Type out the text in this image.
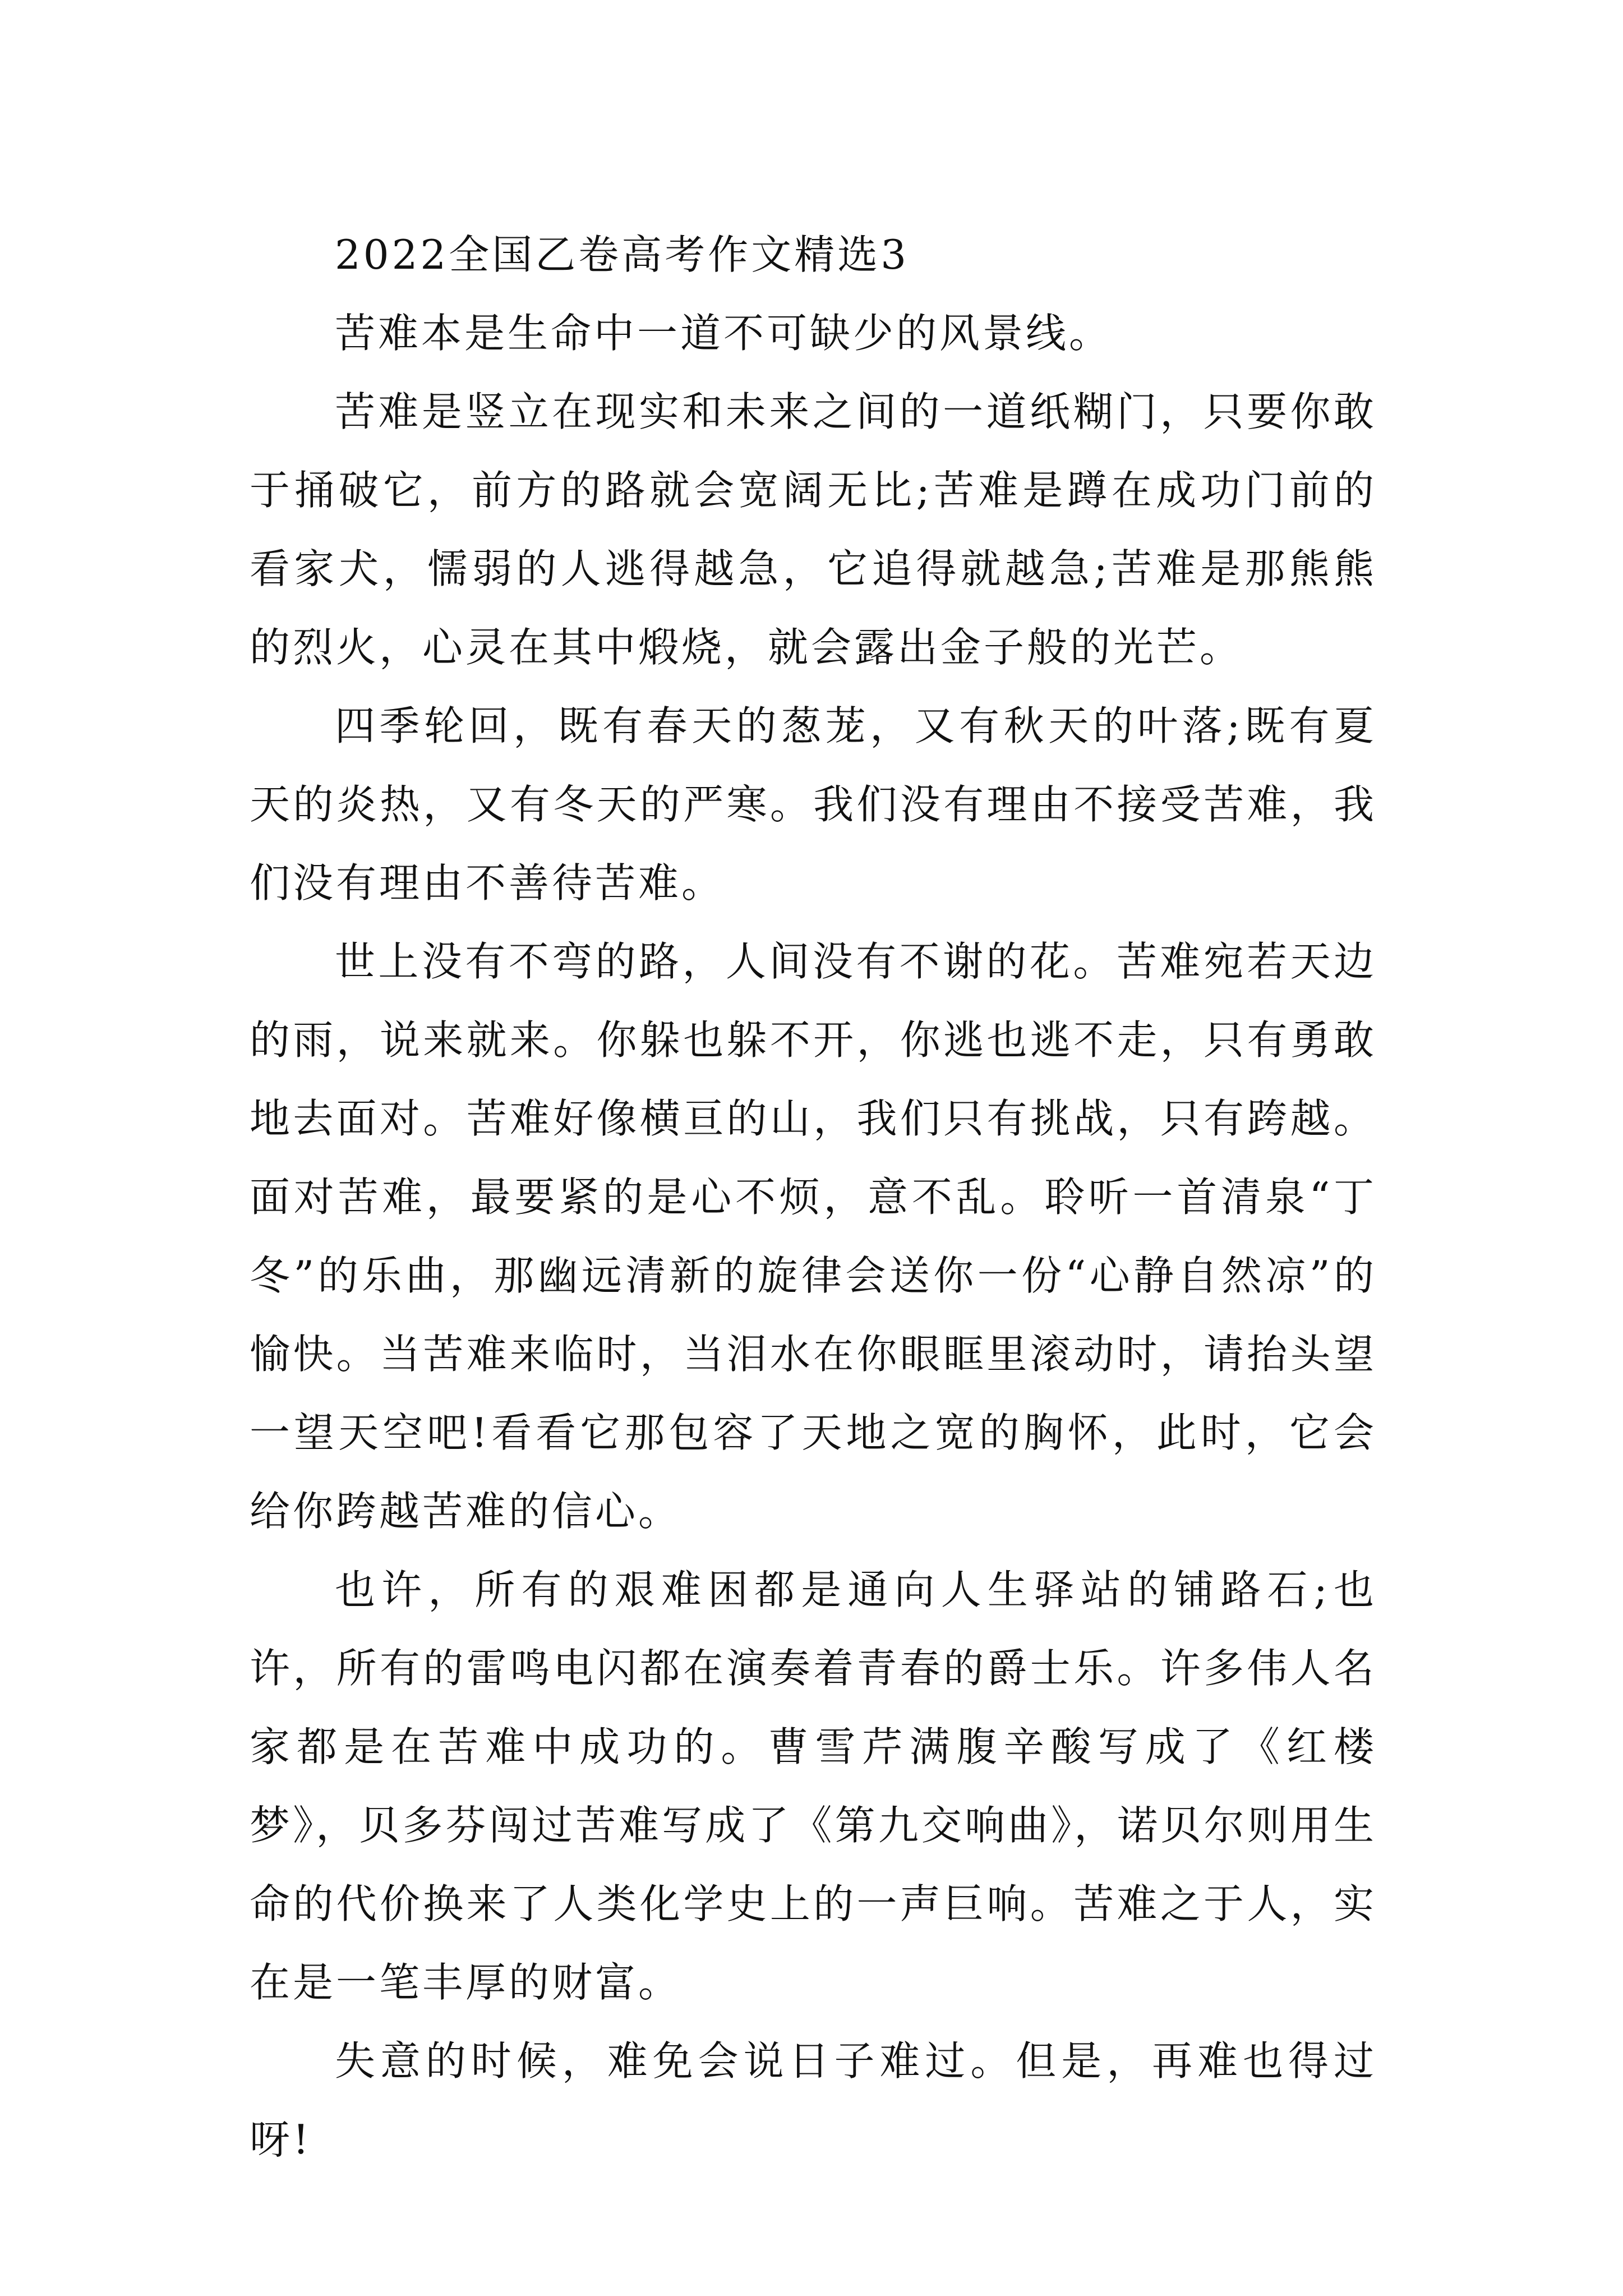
2022全国乙卷高考作文精选3

苦难本是生命中一道不可缺少的风景线。

苦难是竖立在现实和未来之间的一道纸糊门，只要你敢于捅破它，前方的路就会宽阔无比;苦难是蹲在成功门前的看家犬，懦弱的人逃得越急，它追得就越急;苦难是那熊熊的烈火，心灵在其中煅烧，就会露出金子般的光芒。

四季轮回，既有春天的葱茏，又有秋天的叶落;既有夏天的炎热，又有冬天的严寒。我们没有理由不接受苦难，我们没有理由不善待苦难。

世上没有不弯的路，人间没有不谢的花。苦难宛若天边的雨，说来就来。你躲也躲不开，你逃也逃不走，只有勇敢地去面对。苦难好像横亘的山，我们只有挑战，只有跨越。面对苦难，最要紧的是心不烦，意不乱。聆听一首清泉“丁冬”的乐曲，那幽远清新的旋律会送你一份“心静自然凉”的愉快。当苦难来临时，当泪水在你眼眶里滚动时，请抬头望一望天空吧!看看它那包容了天地之宽的胸怀，此时，它会给你跨越苦难的信心。

也许，所有的艰难困都是通向人生驿站的铺路石;也许，所有的雷鸣电闪都在演奏着青春的爵士乐。许多伟人名家都是在苦难中成功的。曹雪芹满腹辛酸写成了《红楼梦》，贝多芬闯过苦难写成了《第九交响曲》，诺贝尔则用生命的代价换来了人类化学史上的一声巨响。苦难之于人，实在是一笔丰厚的财富。

失意的时候，难免会说日子难过。但是，再难也得过呀!
